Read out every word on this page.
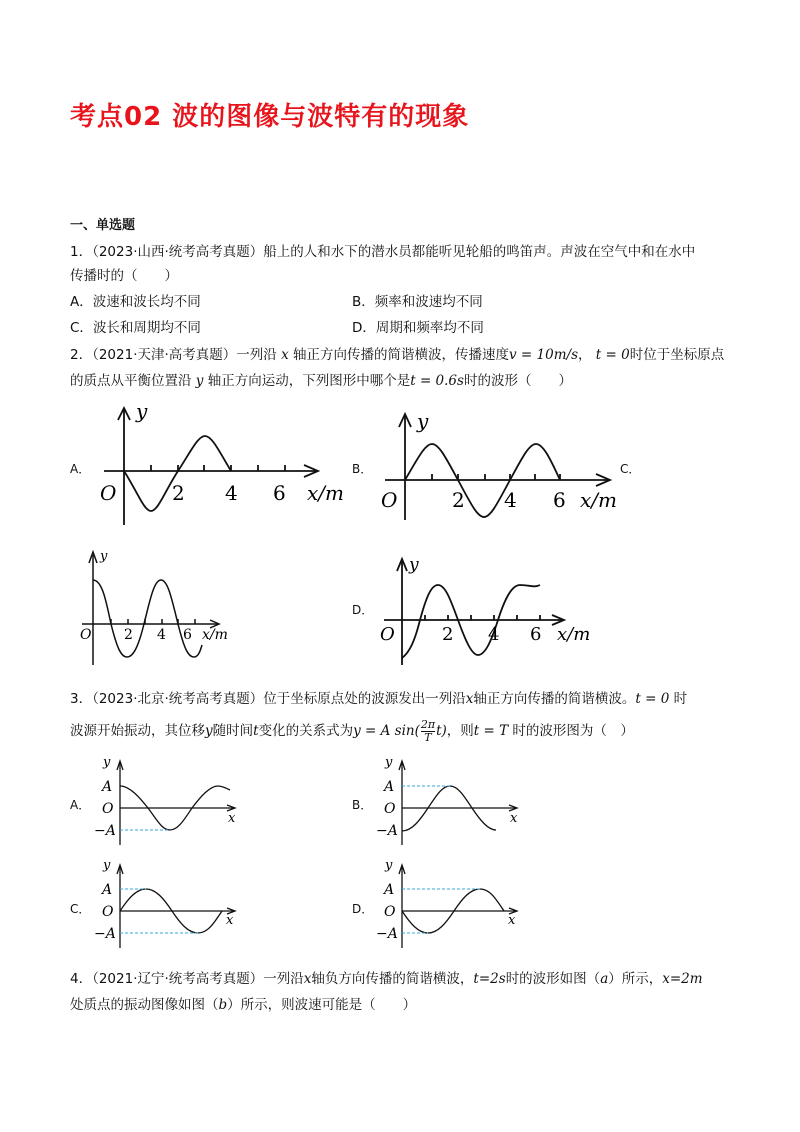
考点02 波的图像与波特有的现象
一、单选题
1．（2023·山西·统考高考真题）船上的人和水下的潜水员都能听见轮船的鸣笛声。声波在空气中和在水中
传播时的（　　）
A．波速和波长均不同	B．频率和波速均不同
C．波长和周期均不同	D．周期和频率均不同
2．（2021·天津·高考真题）一列沿 x 轴正方向传播的简谐横波，传播速度v = 10m/s， t = 0时位于坐标原点
的质点从平衡位置沿 y 轴正方向运动，下列图形中哪个是t = 0.6s时的波形（　　）
A．	B．	C．
D．
y
O	2 4 6 x/m
y
O	2 4 6 x/m
y
O 2 4 6 x/m
y
O	2 4 6 x/m
3．（2023·北京·统考高考真题）位于坐标原点处的波源发出一列沿x轴正方向传播的简谐横波。t = 0 时
波源开始振动，其位移y随时间t变化的关系式为y = A $\sin( \frac{2\pi}{T} t)$，则t = T 时的波形图为（　）
A．	B．
C．	D．
y
A
O
−A
x
y
A
O
−A
x
y
A
O
−A
x
y
A
O
−A
x
4．（2021·辽宁·统考高考真题）一列沿x轴负方向传播的简谐横波，t=2s时的波形如图（a）所示，x=2m
处质点的振动图像如图（b）所示，则波速可能是（　　）
